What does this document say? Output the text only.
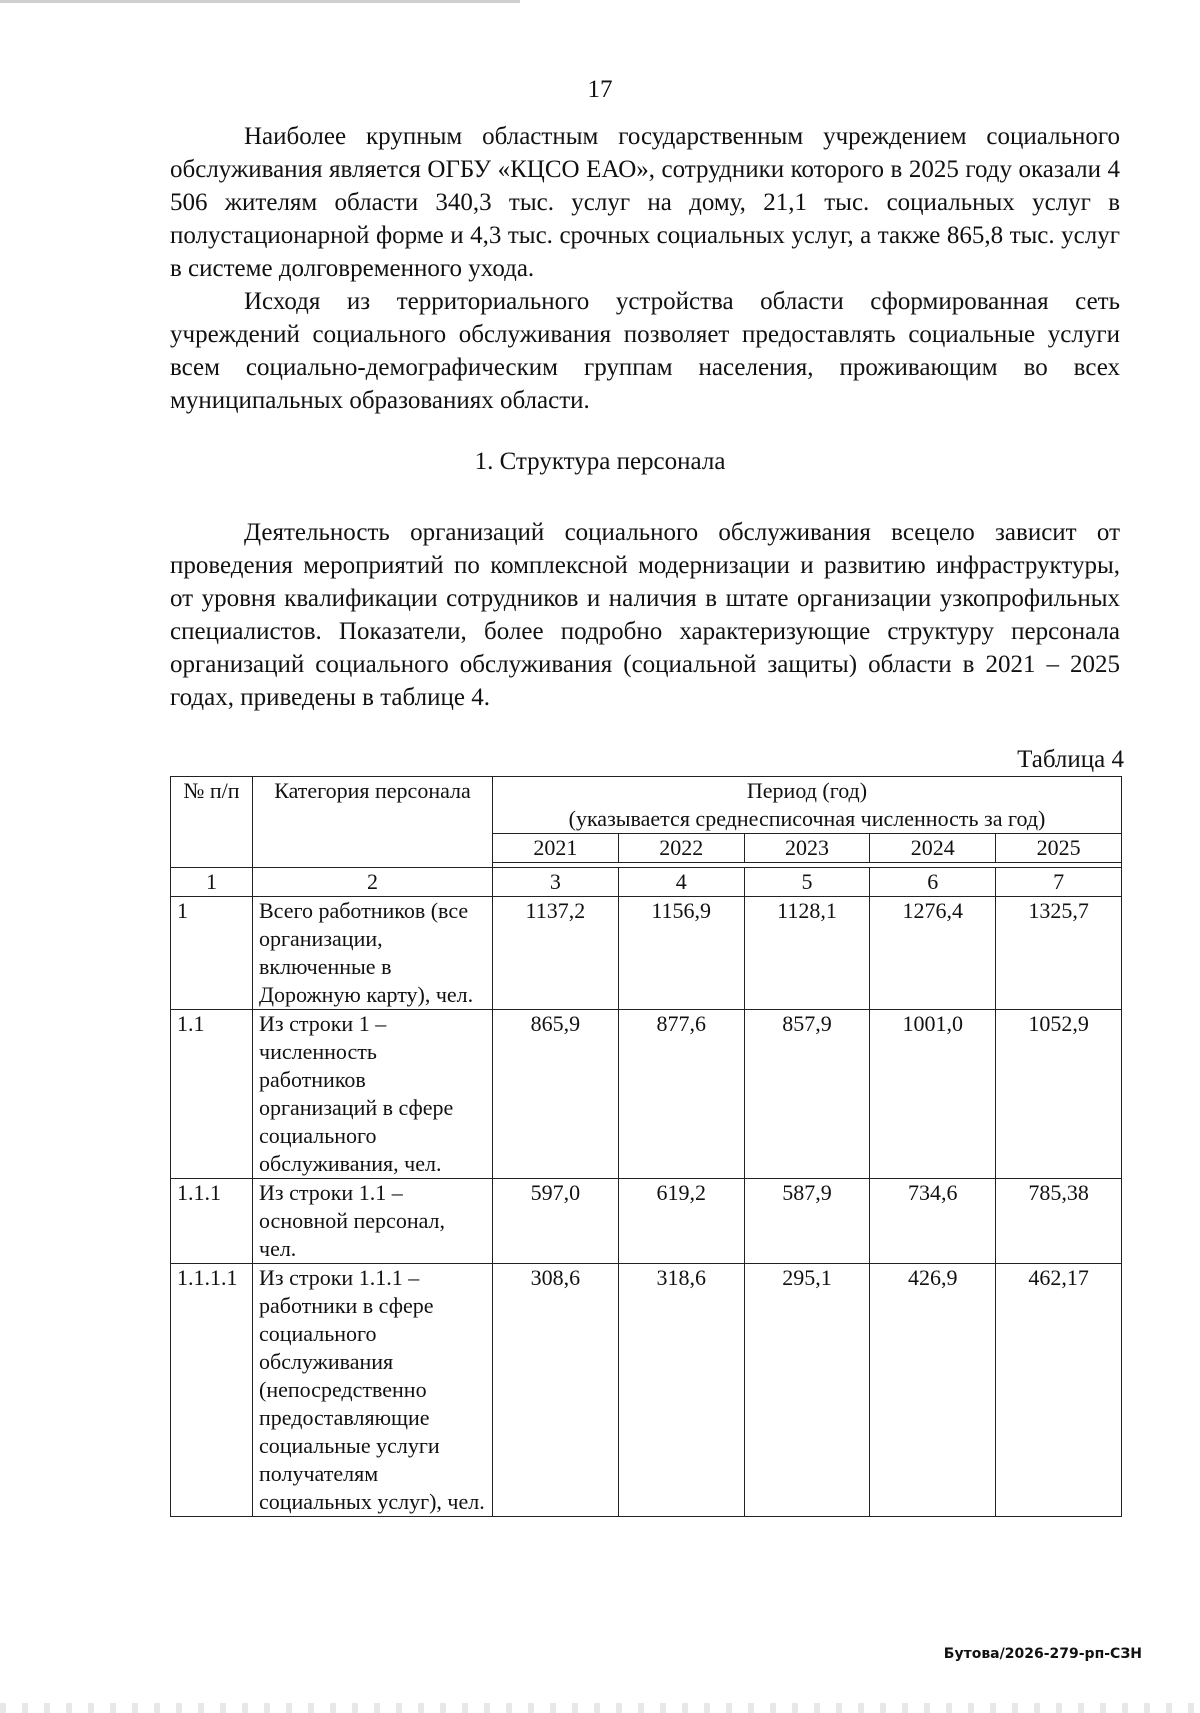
17

Наиболее крупным областным государственным учреждением социального обслуживания является ОГБУ «КЦСО ЕАО», сотрудники которого в 2025 году оказали 4 506 жителям области 340,3 тыс. услуг на дому, 21,1 тыс. социальных услуг в полустационарной форме и 4,3 тыс. срочных социальных услуг, а также 865,8 тыс. услуг в системе долговременного ухода.

Исходя из территориального устройства области сформированная сеть учреждений социального обслуживания позволяет предоставлять социальные услуги всем социально-демографическим группам населения, проживающим во всех муниципальных образованиях области.

1. Структура персонала

Деятельность организаций социального обслуживания всецело зависит от проведения мероприятий по комплексной модернизации и развитию инфраструктуры, от уровня квалификации сотрудников и наличия в штате организации узкопрофильных специалистов. Показатели, более подробно характеризующие структуру персонала организаций социального обслуживания (социальной защиты) области в 2021 – 2025 годах, приведены в таблице 4.

Таблица 4
№ п/п	Категория персонала	Период (год)
(указывается среднесписочная численность за год)				

		2021	2022	2023	2024	2025

1	2	3	4	5	6	7
1	Всего работников (все организации, включенные в Дорожную карту), чел.	1137,2	1156,9	1128,1	1276,4	1325,7
1.1	Из строки 1 – численность работников организаций в сфере социального обслуживания, чел.	865,9	877,6	857,9	1001,0	1052,9
1.1.1	Из строки 1.1 – основной персонал, чел.	597,0	619,2	587,9	734,6	785,38
1.1.1.1	Из строки 1.1.1 – работники в сфере социального обслуживания (непосредственно предоставляющие социальные услуги получателям социальных услуг), чел.	308,6	318,6	295,1	426,9	462,17
Бутова/2026-279-рп-СЗН
